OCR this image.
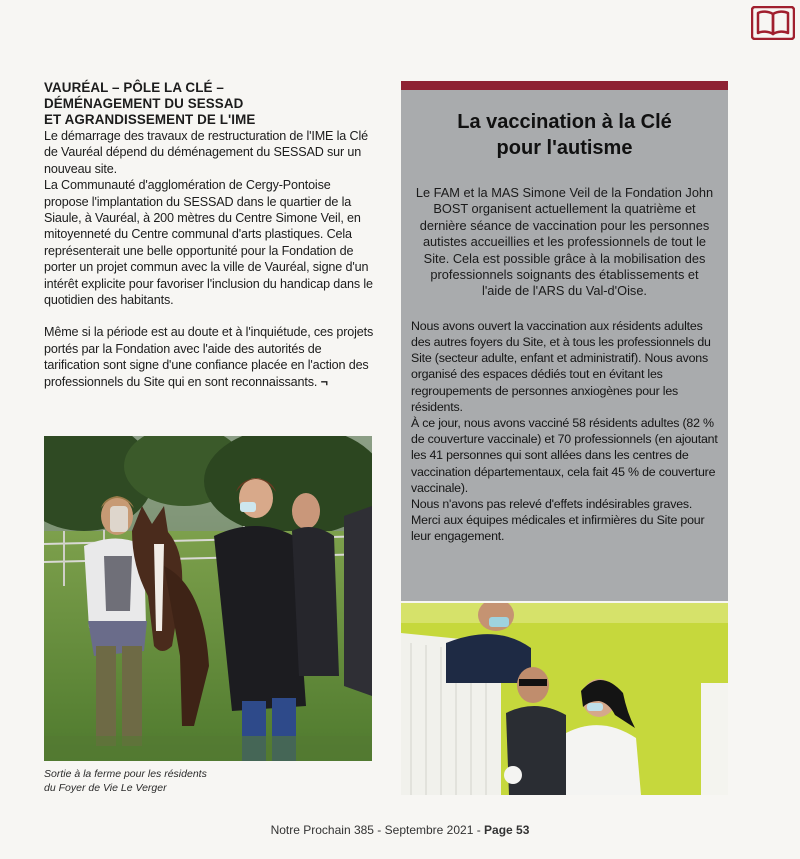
VAURÉAL – PÔLE LA CLÉ –
DÉMÉNAGEMENT DU SESSAD
ET AGRANDISSEMENT DE L'IME

Le démarrage des travaux de restructuration de l'IME la Clé de Vauréal dépend du déménagement du SESSAD sur un nouveau site.

La Communauté d'agglomération de Cergy-Pontoise propose l'implantation du SESSAD dans le quartier de la Siaule, à Vauréal, à 200 mètres du Centre Simone Veil, en mitoyenneté du Centre communal d'arts plastiques. Cela représenterait une belle opportunité pour la Fondation de porter un projet commun avec la ville de Vauréal, signe d'un intérêt explicite pour favoriser l'inclusion du handicap dans le quotidien des habitants.

Même si la période est au doute et à l'inquiétude, ces projets portés par la Fondation avec l'aide des autorités de tarification sont signe d'une confiance placée en l'action des professionnels du Site qui en sont reconnaissants. ¬

Sortie à la ferme pour les résidents
du Foyer de Vie Le Verger
La vaccination à la Clé
pour l'autisme

Le FAM et la MAS Simone Veil de la Fondation John BOST organisent actuellement la quatrième et dernière séance de vaccination pour les personnes autistes accueillies et les professionnels de tout le Site. Cela est possible grâce à la mobilisation des professionnels soignants des établissements et l'aide de l'ARS du Val-d'Oise.

Nous avons ouvert la vaccination aux résidents adultes des autres foyers du Site, et à tous les professionnels du Site (secteur adulte, enfant et administratif). Nous avons organisé des espaces dédiés tout en évitant les regroupements de personnes anxiogènes pour les résidents.

À ce jour, nous avons vacciné 58 résidents adultes (82 % de couverture vaccinale) et 70 professionnels (en ajoutant les 41 personnes qui sont allées dans les centres de vaccination départementaux, cela fait 45 % de couverture vaccinale).

Nous n'avons pas relevé d'effets indésirables graves. Merci aux équipes médicales et infirmières du Site pour leur engagement.

Notre Prochain 385 - Septembre 2021 - Page 53
